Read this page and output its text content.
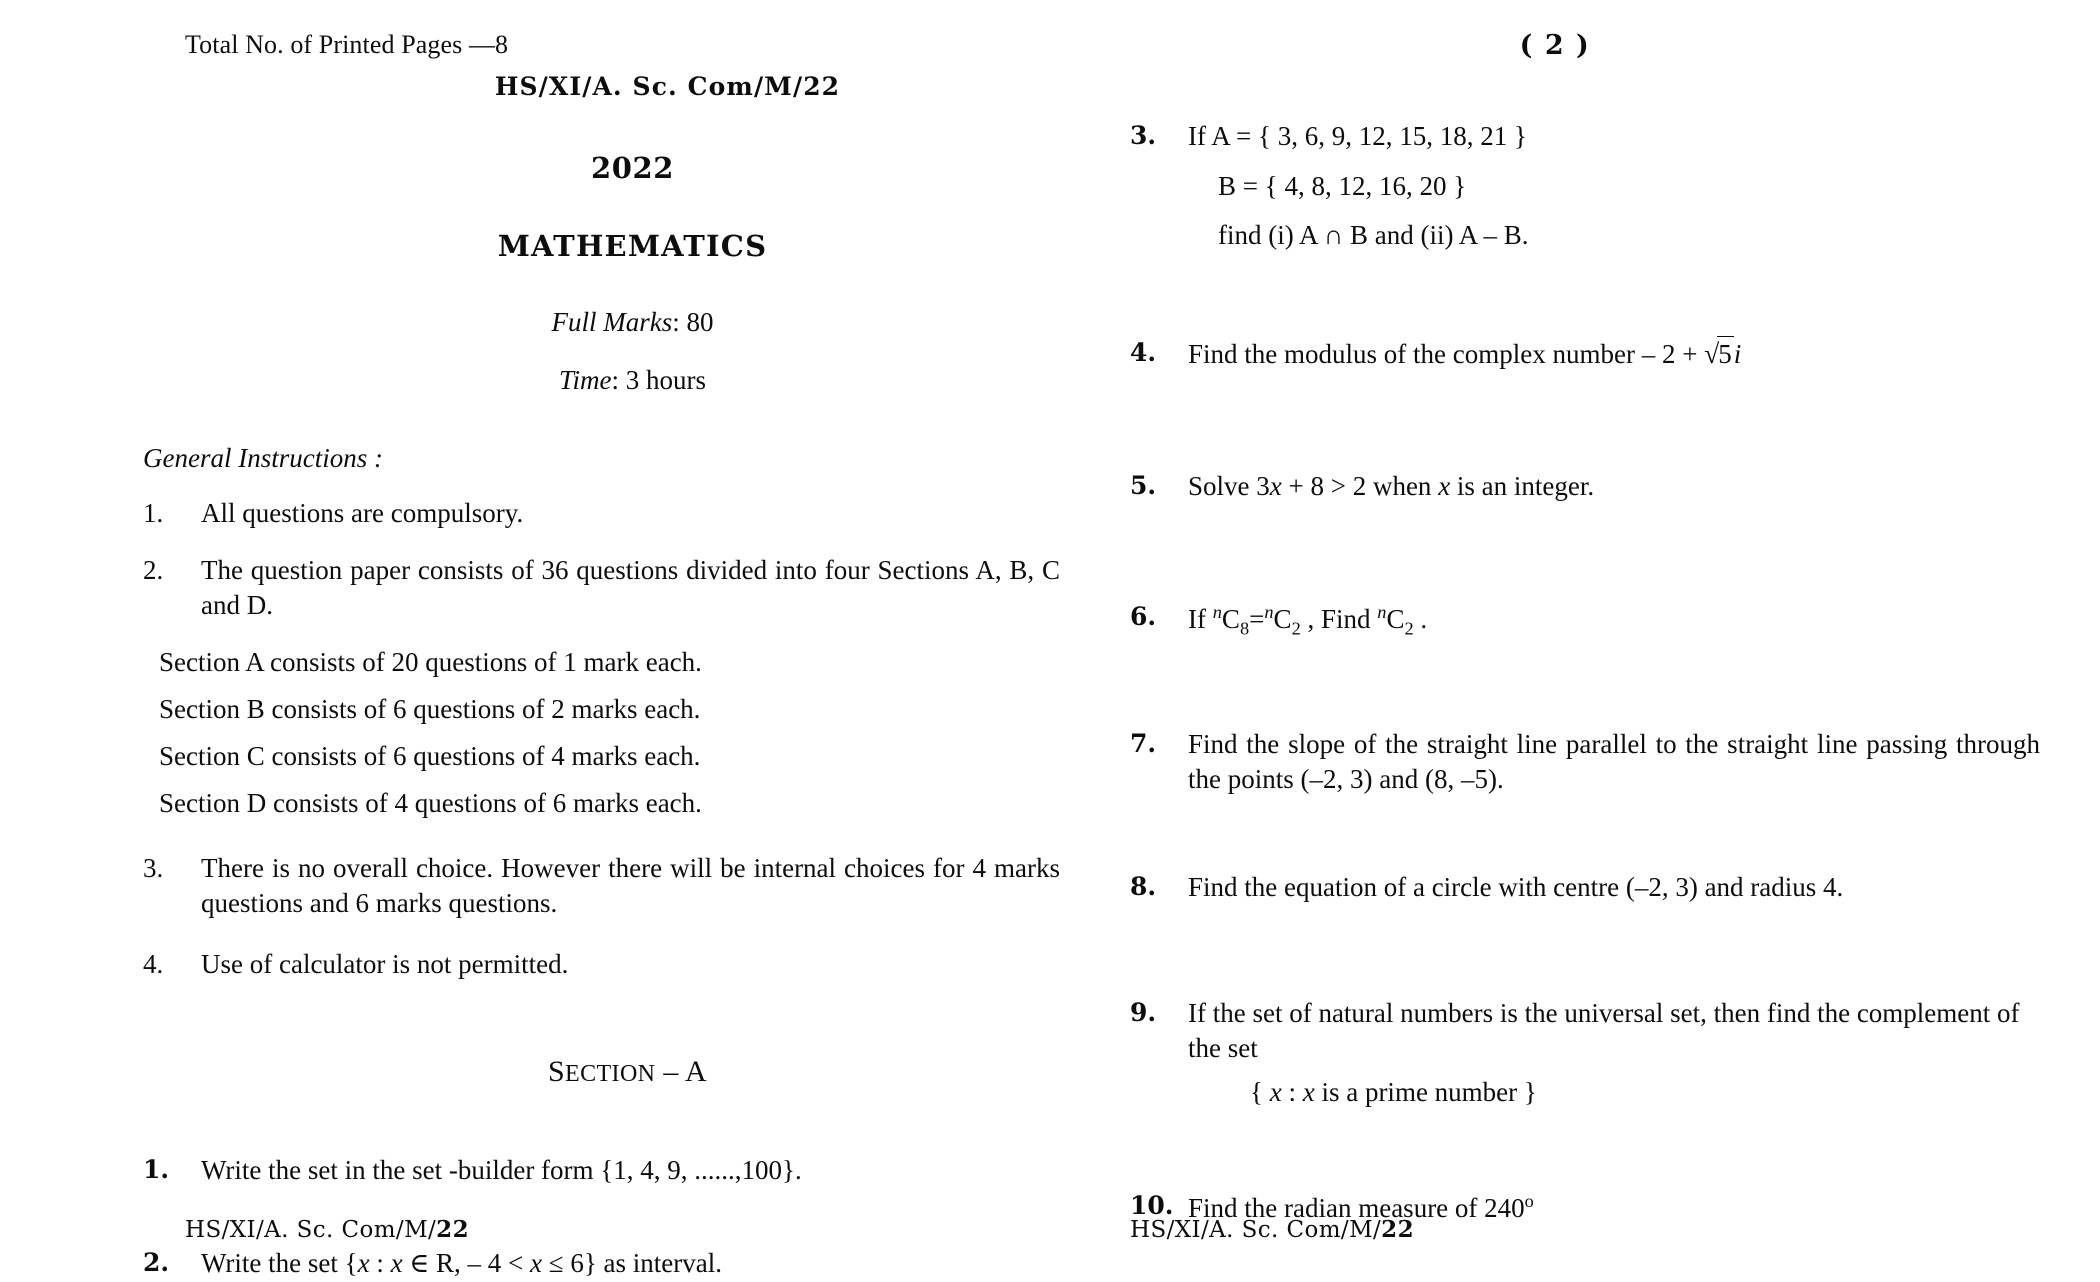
Total No. of Printed Pages —8
HS/XI/A. Sc. Com/M/22
2022
MATHEMATICS
Full Marks: 80
Time: 3 hours
General Instructions :
1.	All questions are compulsory.
2.	The question paper consists of 36 questions divided into four Sections A, B, C and D.
Section A consists of 20 questions of 1 mark each.
Section B consists of 6 questions of 2 marks each.
Section C consists of 6 questions of 4 marks each.
Section D consists of 4 questions of 6 marks each.
3.	There is no overall choice. However there will be internal choices for 4 marks questions and 6 marks questions.
4.	Use of calculator is not permitted.
SECTION – A
1.	Write the set in the set -builder form {1, 4, 9, ......,100}.
2.	Write the set {x : x ∈ R, – 4 < x ≤ 6} as interval.
HS/XI/A. Sc. Com/M/22
( 2 )
3.	If A = { 3, 6, 9, 12, 15, 18, 21 }
B = { 4, 8, 12, 16, 20 }
find (i) A ∩ B and (ii) A – B.
4.	Find the modulus of the complex number – 2 + √5i
5.	Solve 3x + 8 > 2 when x is an integer.
6.	If $^nC_8=^nC_2$ , Find $^nC_2$ .
7.	Find the slope of the straight line parallel to the straight line passing through the points (–2, 3) and (8, –5).
8.	Find the equation of a circle with centre (–2, 3) and radius 4.
9.	If the set of natural numbers is the universal set, then find the complement of the set
{ x : x is a prime number }
10. Find the radian measure of 240$^o$
HS/XI/A. Sc. Com/M/22
